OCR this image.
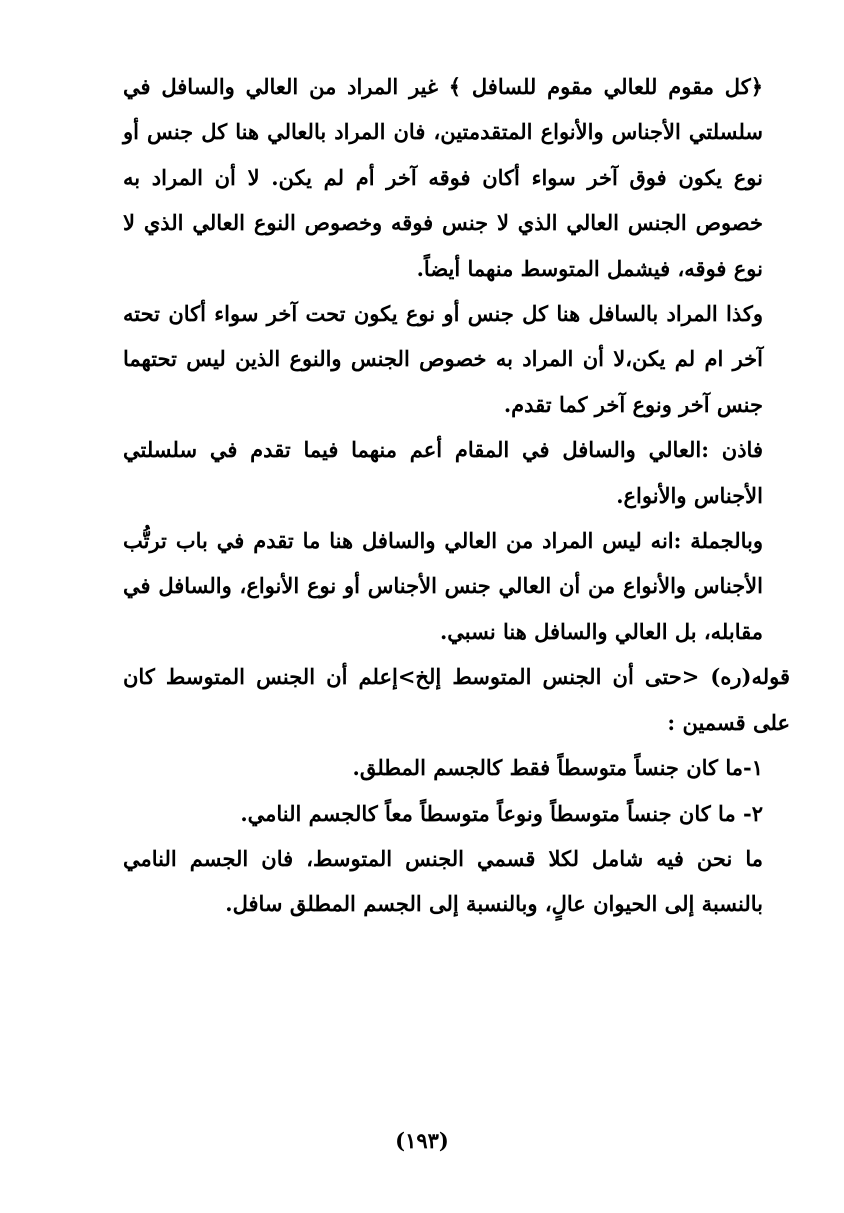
﴿كل مقوم للعالي مقوم للسافل ﴾ غير المراد من العالي والسافل في سلسلتي الأجناس والأنواع المتقدمتين، فان المراد بالعالي هنا كل جنس أو نوع يكون فوق آخر سواء أكان فوقه آخر أم لم يكن. لا أن المراد به خصوص الجنس العالي الذي لا جنس فوقه وخصوص النوع العالي الذي لا نوع فوقه، فيشمل المتوسط منهما أيضاً.

وكذا المراد بالسافل هنا كل جنس أو نوع يكون تحت آخر سواء أكان تحته آخر ام لم يكن،لا أن المراد به خصوص الجنس والنوع الذين ليس تحتهما جنس آخر ونوع آخر كما تقدم.

فاذن :العالي والسافل في المقام أعم منهما فيما تقدم في سلسلتي الأجناس والأنواع.

وبالجملة :انه ليس المراد من العالي والسافل هنا ما تقدم في باب ترتُّب الأجناس والأنواع من أن العالي جنس الأجناس أو نوع الأنواع، والسافل في مقابله، بل العالي والسافل هنا نسبي.

قوله(ره) <حتى أن الجنس المتوسط إلخ>إعلم أن الجنس المتوسط كان على قسمين :

١-ما كان جنساً متوسطاً فقط كالجسم المطلق.

٢- ما كان جنساً متوسطاً ونوعاً متوسطاً معاً كالجسم النامي.

ما نحن فيه شامل لكلا قسمي الجنس المتوسط، فان الجسم النامي بالنسبة إلى الحيوان عالٍ، وبالنسبة إلى الجسم المطلق سافل.

(١٩٣)
